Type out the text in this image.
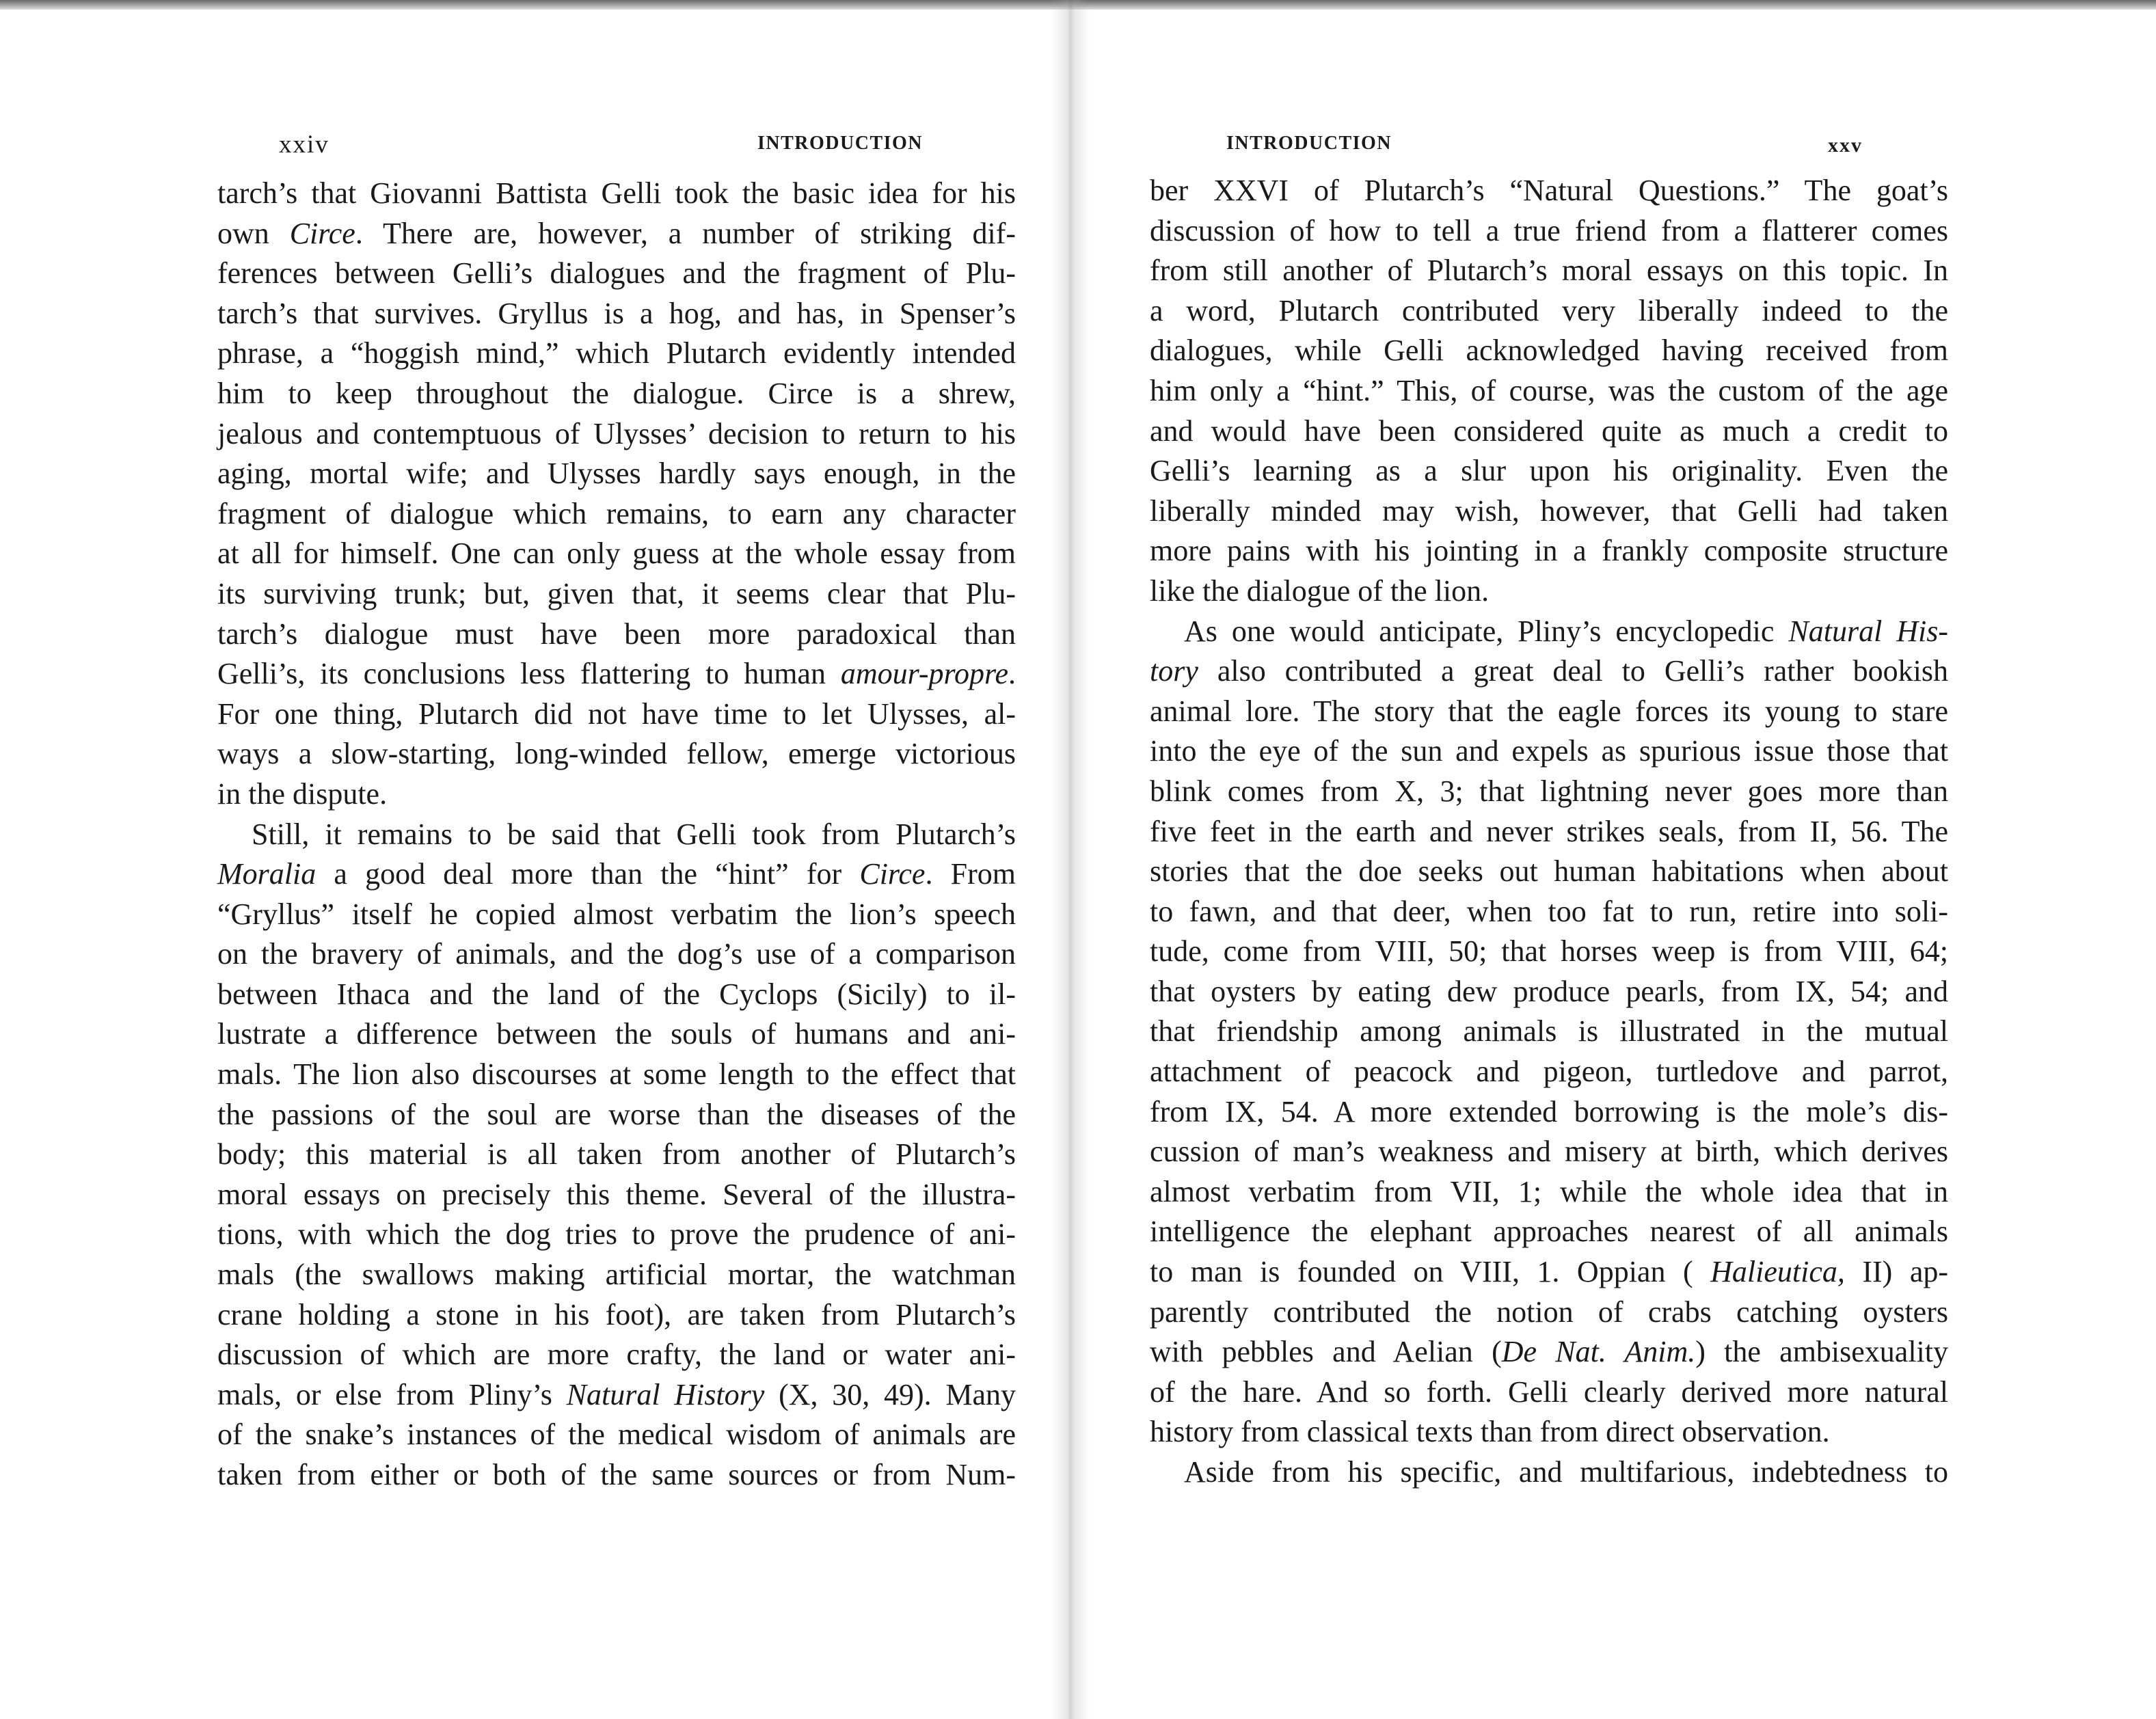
xxiv	INTRODUCTION
tarch’s that Giovanni Battista Gelli took the basic idea for his
own Circe. There are, however, a number of striking dif-
ferences between Gelli’s dialogues and the fragment of Plu-
tarch’s that survives. Gryllus is a hog, and has, in Spenser’s
phrase, a “hoggish mind,” which Plutarch evidently intended
him to keep throughout the dialogue. Circe is a shrew,
jealous and contemptuous of Ulysses’ decision to return to his
aging, mortal wife; and Ulysses hardly says enough, in the
fragment of dialogue which remains, to earn any character
at all for himself. One can only guess at the whole essay from
its surviving trunk; but, given that, it seems clear that Plu-
tarch’s dialogue must have been more paradoxical than
Gelli’s, its conclusions less flattering to human amour-propre.
For one thing, Plutarch did not have time to let Ulysses, al-
ways a slow-starting, long-winded fellow, emerge victorious
in the dispute.
Still, it remains to be said that Gelli took from Plutarch’s
Moralia a good deal more than the “hint” for Circe. From
“Gryllus” itself he copied almost verbatim the lion’s speech
on the bravery of animals, and the dog’s use of a comparison
between Ithaca and the land of the Cyclops (Sicily) to il-
lustrate a difference between the souls of humans and ani-
mals. The lion also discourses at some length to the effect that
the passions of the soul are worse than the diseases of the
body; this material is all taken from another of Plutarch’s
moral essays on precisely this theme. Several of the illustra-
tions, with which the dog tries to prove the prudence of ani-
mals (the swallows making artificial mortar, the watchman
crane holding a stone in his foot), are taken from Plutarch’s
discussion of which are more crafty, the land or water ani-
mals, or else from Pliny’s Natural History (X, 30, 49). Many
of the snake’s instances of the medical wisdom of animals are
taken from either or both of the same sources or from Num-
INTRODUCTION	xxv
ber XXVI of Plutarch’s “Natural Questions.” The goat’s
discussion of how to tell a true friend from a flatterer comes
from still another of Plutarch’s moral essays on this topic. In
a word, Plutarch contributed very liberally indeed to the
dialogues, while Gelli acknowledged having received from
him only a “hint.” This, of course, was the custom of the age
and would have been considered quite as much a credit to
Gelli’s learning as a slur upon his originality. Even the
liberally minded may wish, however, that Gelli had taken
more pains with his jointing in a frankly composite structure
like the dialogue of the lion.
As one would anticipate, Pliny’s encyclopedic Natural His-
tory also contributed a great deal to Gelli’s rather bookish
animal lore. The story that the eagle forces its young to stare
into the eye of the sun and expels as spurious issue those that
blink comes from X, 3; that lightning never goes more than
five feet in the earth and never strikes seals, from II, 56. The
stories that the doe seeks out human habitations when about
to fawn, and that deer, when too fat to run, retire into soli-
tude, come from VIII, 50; that horses weep is from VIII, 64;
that oysters by eating dew produce pearls, from IX, 54; and
that friendship among animals is illustrated in the mutual
attachment of peacock and pigeon, turtledove and parrot,
from IX, 54. A more extended borrowing is the mole’s dis-
cussion of man’s weakness and misery at birth, which derives
almost verbatim from VII, 1; while the whole idea that in
intelligence the elephant approaches nearest of all animals
to man is founded on VIII, 1. Oppian ( Halieutica, II) ap-
parently contributed the notion of crabs catching oysters
with pebbles and Aelian (De Nat. Anim.) the ambisexuality
of the hare. And so forth. Gelli clearly derived more natural
history from classical texts than from direct observation.
Aside from his specific, and multifarious, indebtedness to
